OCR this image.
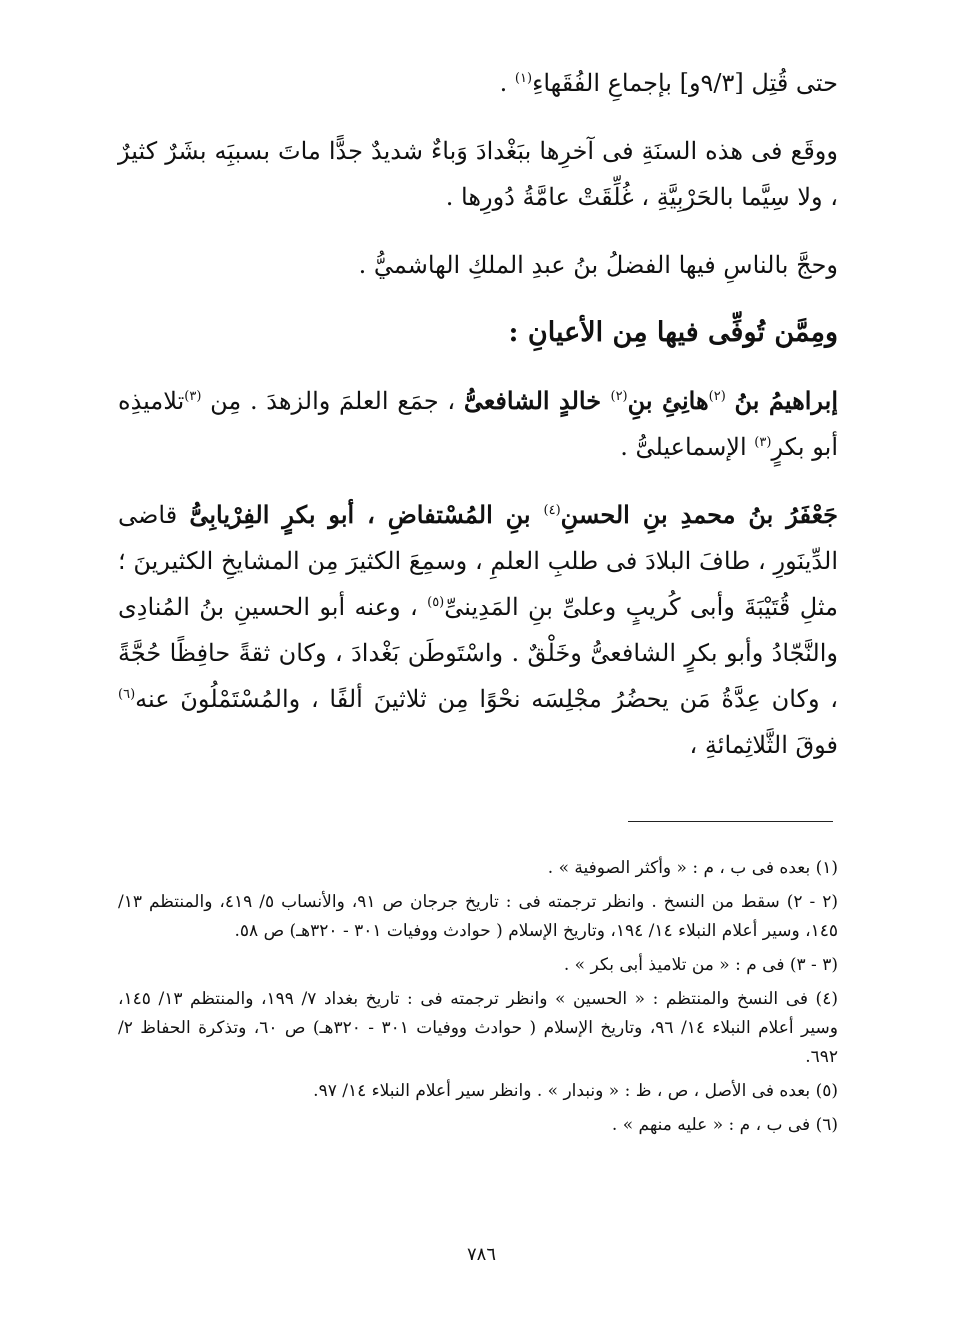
حتى قُتِل [٩/٣و] بإجماعِ الفُقَهاءِ$^{(١)}$ .

ووقَع فى هذه السنَةِ فى آخرِها ببَغْدادَ وَباءٌ شديدٌ جدًّا ماتَ بسببَِه بشَرٌ كثيرٌ ، ولا سِيَّما بالحَرْبِيَّةِ ، غُلِّقَتْ عامَّةُ دُورِها .

وحجَّ بالناسِ فيها الفضلُ بنُ عبدِ الملكِ الهاشميُّ .

ومِمَّن تُوفِّى فيها مِن الأعيانِ :

إبراهيمُ بنُ $^{(٢)}$هانِئِ بنِ$^{(٢)}$ خالدٍ الشافعىُّ ، جمَع العلمَ والزهدَ . مِن $^{(٣)}$تلاميذِه أبو بكرٍ$^{(٣)}$ الإسماعيلىُّ .

جَعْفَرُ بنُ محمدِ بنِ الحسنِ$^{(٤)}$ بنِ المُسْتفاضِ ، أبو بكرٍ الفِرْيابِىُّ قاضى الدِّينَورِ ، طافَ البلادَ فى طلبِ العلمِ ، وسمِعَ الكثيرَ مِن المشايخِ الكثيرينَ ؛ مثلِ قُتَيْبَةَ وأبى كُريبٍ وعلىِّ بنِ المَدِينىِّ$^{(٥)}$ ، وعنه أبو الحسينِ بنُ المُنادِى والنَّجّادُ وأبو بكرٍ الشافعىُّ وخَلْقٌ . واسْتَوطَن بَغْدادَ ، وكان ثقةً حافِظًا حُجَّةً ، وكان عِدَّةُ مَن يحضُرُ مجْلِسَه نحْوًا مِن ثلاثينَ ألفًا ، والمُسْتَمْلُونَ عنه$^{(٦)}$ فوقَ الثَّلاثِمائةِ ،

(١) بعده فى ب ، م : « وأكثر الصوفية » .

(٢ - ٢) سقط من النسخ . وانظر ترجمته فى : تاريخ جرجان ص ٩١، والأنساب ٥/ ٤١٩، والمنتظم ١٣/ ١٤٥، وسير أعلام النبلاء ١٤/ ١٩٤، وتاريخ الإسلام ( حوادث ووفيات ٣٠١ - ٣٢٠هـ) ص ٥٨.

(٣ - ٣) فى م : « من تلاميذ أبى بكر » .

(٤) فى النسخ والمنتظم : « الحسين » وانظر ترجمته فى : تاريخ بغداد ٧/ ١٩٩، والمنتظم ١٣/ ١٤٥، وسير أعلام النبلاء ١٤/ ٩٦، وتاريخ الإسلام ( حوادث ووفيات ٣٠١ - ٣٢٠هـ) ص ٦٠، وتذكرة الحفاظ ٢/ ٦٩٢.

(٥) بعده فى الأصل ، ص ، ظ : « ونبدار » . وانظر سير أعلام النبلاء ١٤/ ٩٧.

(٦) فى ب ، م : « عليه منهم » .

٧٨٦
